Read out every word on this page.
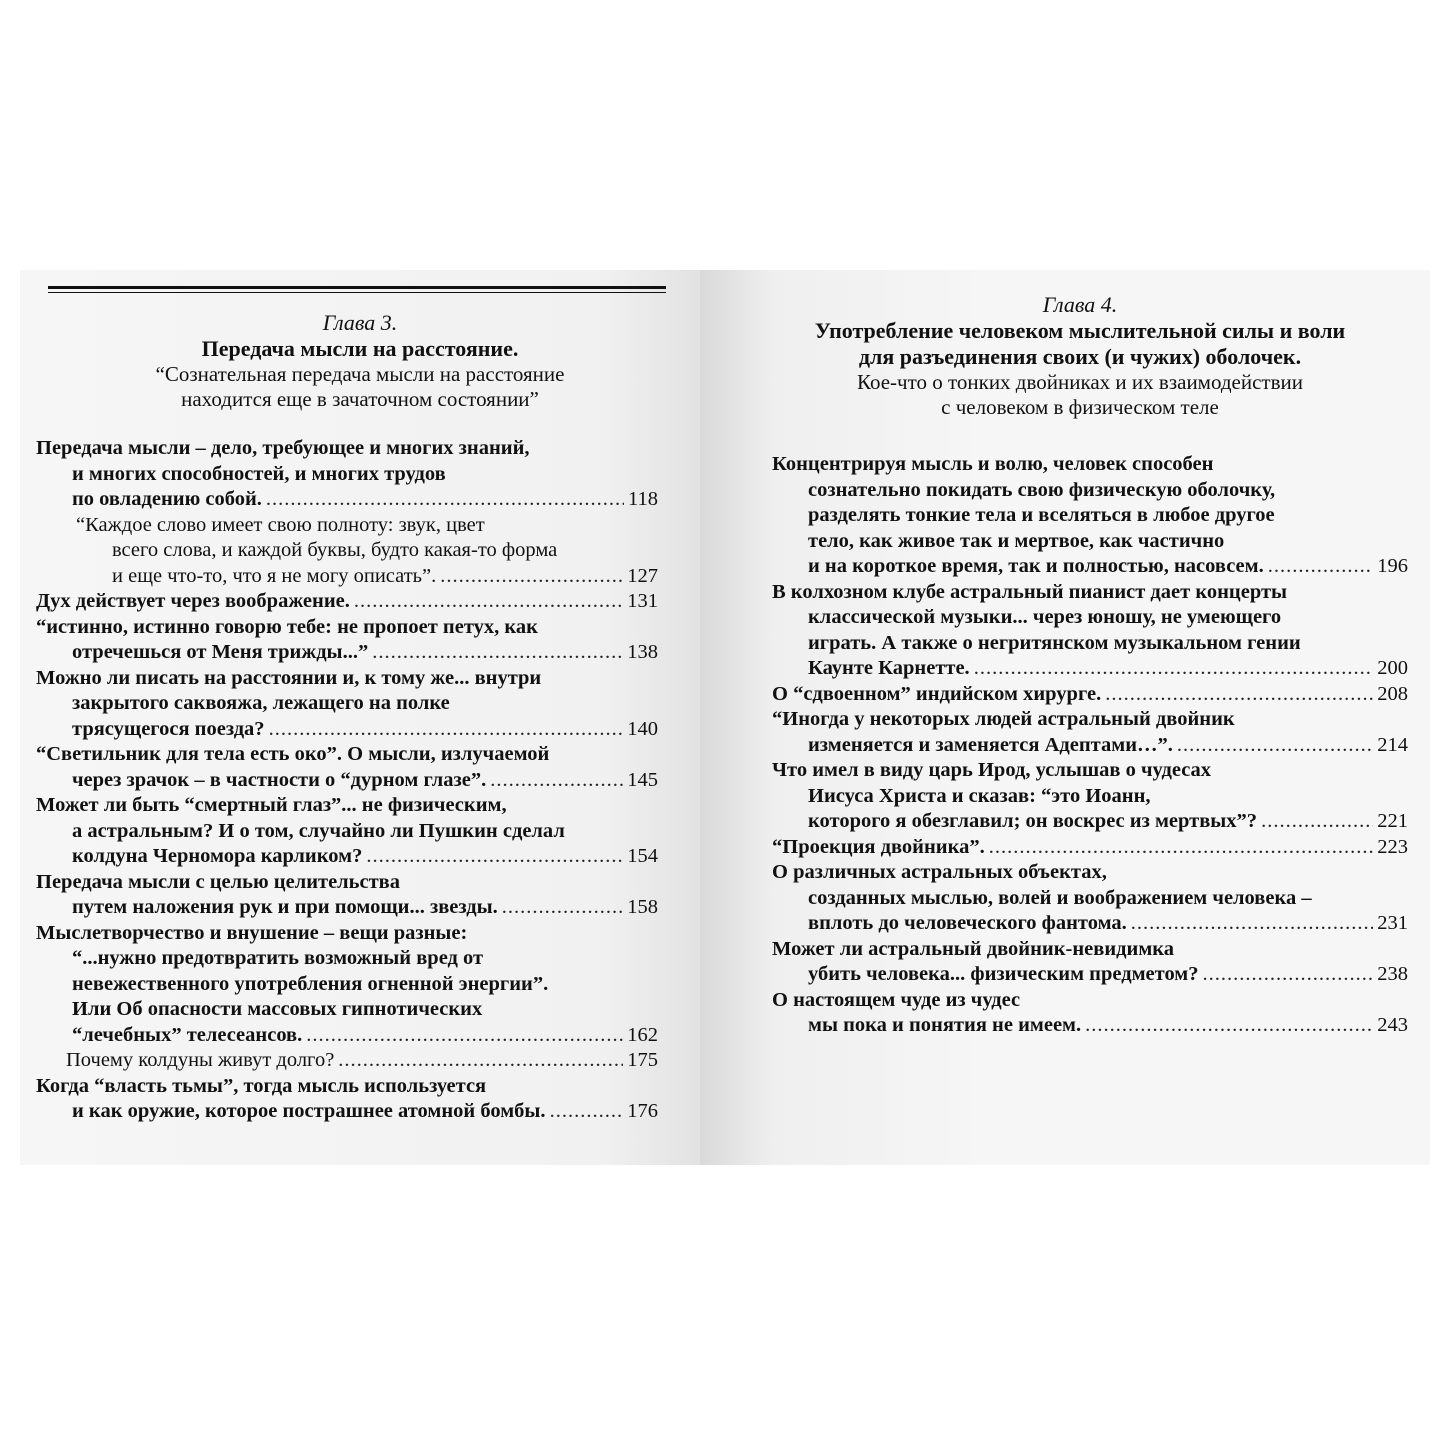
Глава 3.
Передача мысли на расстояние.
“Сознательная передача мысли на расстояние
находится еще в зачаточном состоянии”
Передача мысли – дело, требующее и многих знаний,
и многих способностей, и многих трудов
по овладению собой. .....	118
“Каждое слово имеет свою полноту: звук, цвет
всего слова, и каждой буквы, будто какая-то форма
и еще что-то, что я не могу описать”. .....	127
Дух действует через воображение. .....	131
“истинно, истинно говорю тебе: не пропоет петух, как
отречешься от Меня трижды...” .....	138
Можно ли писать на расстоянии и, к тому же... внутри
закрытого саквояжа, лежащего на полке
трясущегося поезда? .....	140
“Светильник для тела есть око”. О мысли, излучаемой
через зрачок – в частности о “дурном глазе”. .....	145
Может ли быть “смертный глаз”... не физическим,
а астральным? И о том, случайно ли Пушкин сделал
колдуна Черномора карликом? .....	154
Передача мысли с целью целительства
путем наложения рук и при помощи... звезды. .....	158
Мыслетворчество и внушение – вещи разные:
“...нужно предотвратить возможный вред от
невежественного употребления огненной энергии”.
Или Об опасности массовых гипнотических
“лечебных” телесеансов. .....	162
Почему колдуны живут долго? .....	175
Когда “власть тьмы”, тогда мысль используется
и как оружие, которое пострашнее атомной бомбы. .....	176
Глава 4.
Употребление человеком мыслительной силы и воли
для разъединения своих (и чужих) оболочек.
Кое-что о тонких двойниках и их взаимодействии
с человеком в физическом теле
Концентрируя мысль и волю, человек способен
сознательно покидать свою физическую оболочку,
разделять тонкие тела и вселяться в любое другое
тело, как живое так и мертвое, как частично
и на короткое время, так и полностью, насовсем. .....	196
В колхозном клубе астральный пианист дает концерты
классической музыки... через юношу, не умеющего
играть. А также о негритянском музыкальном гении
Каунте Карнетте. .....	200
О “сдвоенном” индийском хирурге. .....	208
“Иногда у некоторых людей астральный двойник
изменяется и заменяется Адептами…”. .....	214
Что имел в виду царь Ирод, услышав о чудесах
Иисуса Христа и сказав: “это Иоанн,
которого я обезглавил; он воскрес из мертвых”? .....	221
“Проекция двойника”. .....	223
О различных астральных объектах,
созданных мыслью, волей и воображением человека –
вплоть до человеческого фантома. .....	231
Может ли астральный двойник-невидимка
убить человека... физическим предметом? .....	238
О настоящем чуде из чудес
мы пока и понятия не имеем. .....	243
